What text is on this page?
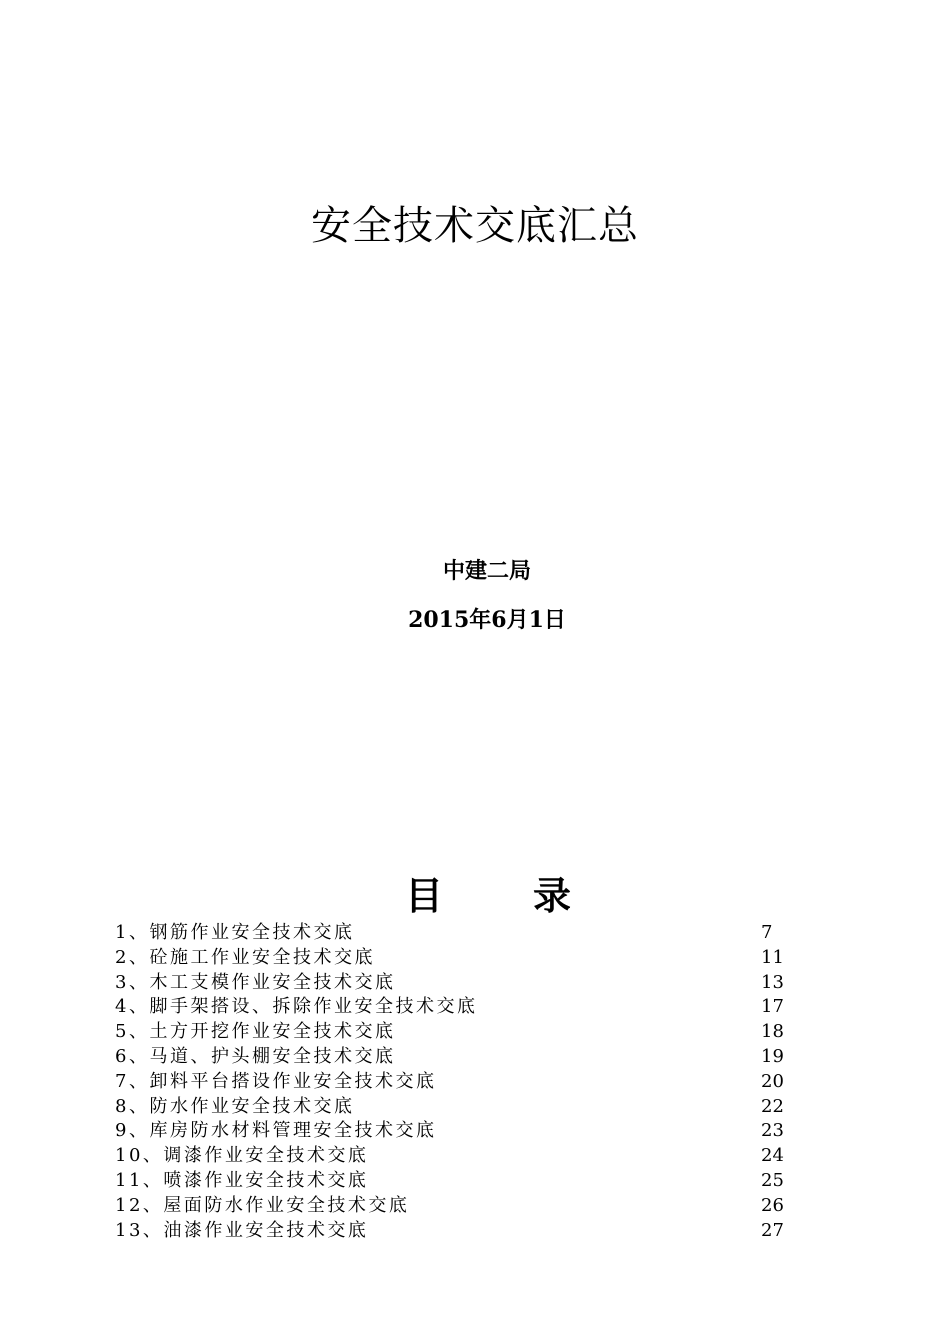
安全技术交底汇总
中建二局
2015年6月1日
目 录
1、钢筋作业安全技术交底	7
2、砼施工作业安全技术交底	11
3、木工支模作业安全技术交底	13
4、脚手架搭设、拆除作业安全技术交底	17
5、土方开挖作业安全技术交底	18
6、马道、护头棚安全技术交底	19
7、卸料平台搭设作业安全技术交底	20
8、防水作业安全技术交底	22
9、库房防水材料管理安全技术交底	23
10、调漆作业安全技术交底	24
11、喷漆作业安全技术交底	25
12、屋面防水作业安全技术交底	26
13、油漆作业安全技术交底	27
